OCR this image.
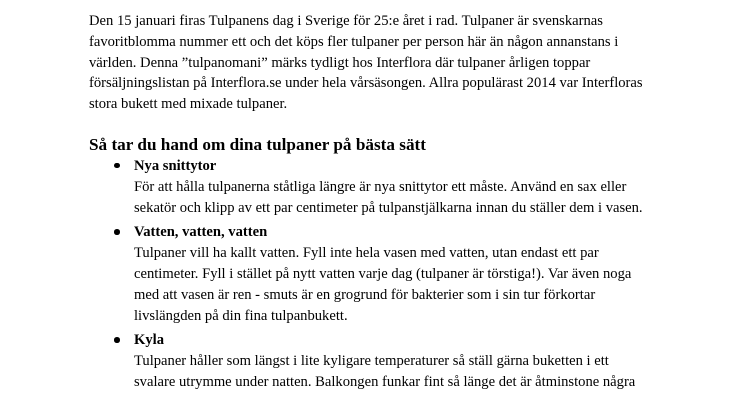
Den 15 januari firas Tulpanens dag i Sverige för 25:e året i rad. Tulpaner är svenskarnas favoritblomma nummer ett och det köps fler tulpaner per person här än någon annanstans i världen. Denna ”tulpanomani” märks tydligt hos Interflora där tulpaner årligen toppar försäljningslistan på Interflora.se under hela vårsäsongen. Allra populärast 2014 var Interfloras stora bukett med mixade tulpaner.

Så tar du hand om dina tulpaner på bästa sätt
Nya snittytor

För att hålla tulpanerna ståtliga längre är nya snittytor ett måste. Använd en sax eller sekatör och klipp av ett par centimeter på tulpanstjälkarna innan du ställer dem i vasen.

Vatten, vatten, vatten

Tulpaner vill ha kallt vatten. Fyll inte hela vasen med vatten, utan endast ett par centimeter. Fyll i stället på nytt vatten varje dag (tulpaner är törstiga!). Var även noga med att vasen är ren - smuts är en grogrund för bakterier som i sin tur förkortar livslängden på din fina tulpanbukett.

Kyla

Tulpaner håller som längst i lite kyligare temperaturer så ställ gärna buketten i ett svalare utrymme under natten. Balkongen funkar fint så länge det är åtminstone några
